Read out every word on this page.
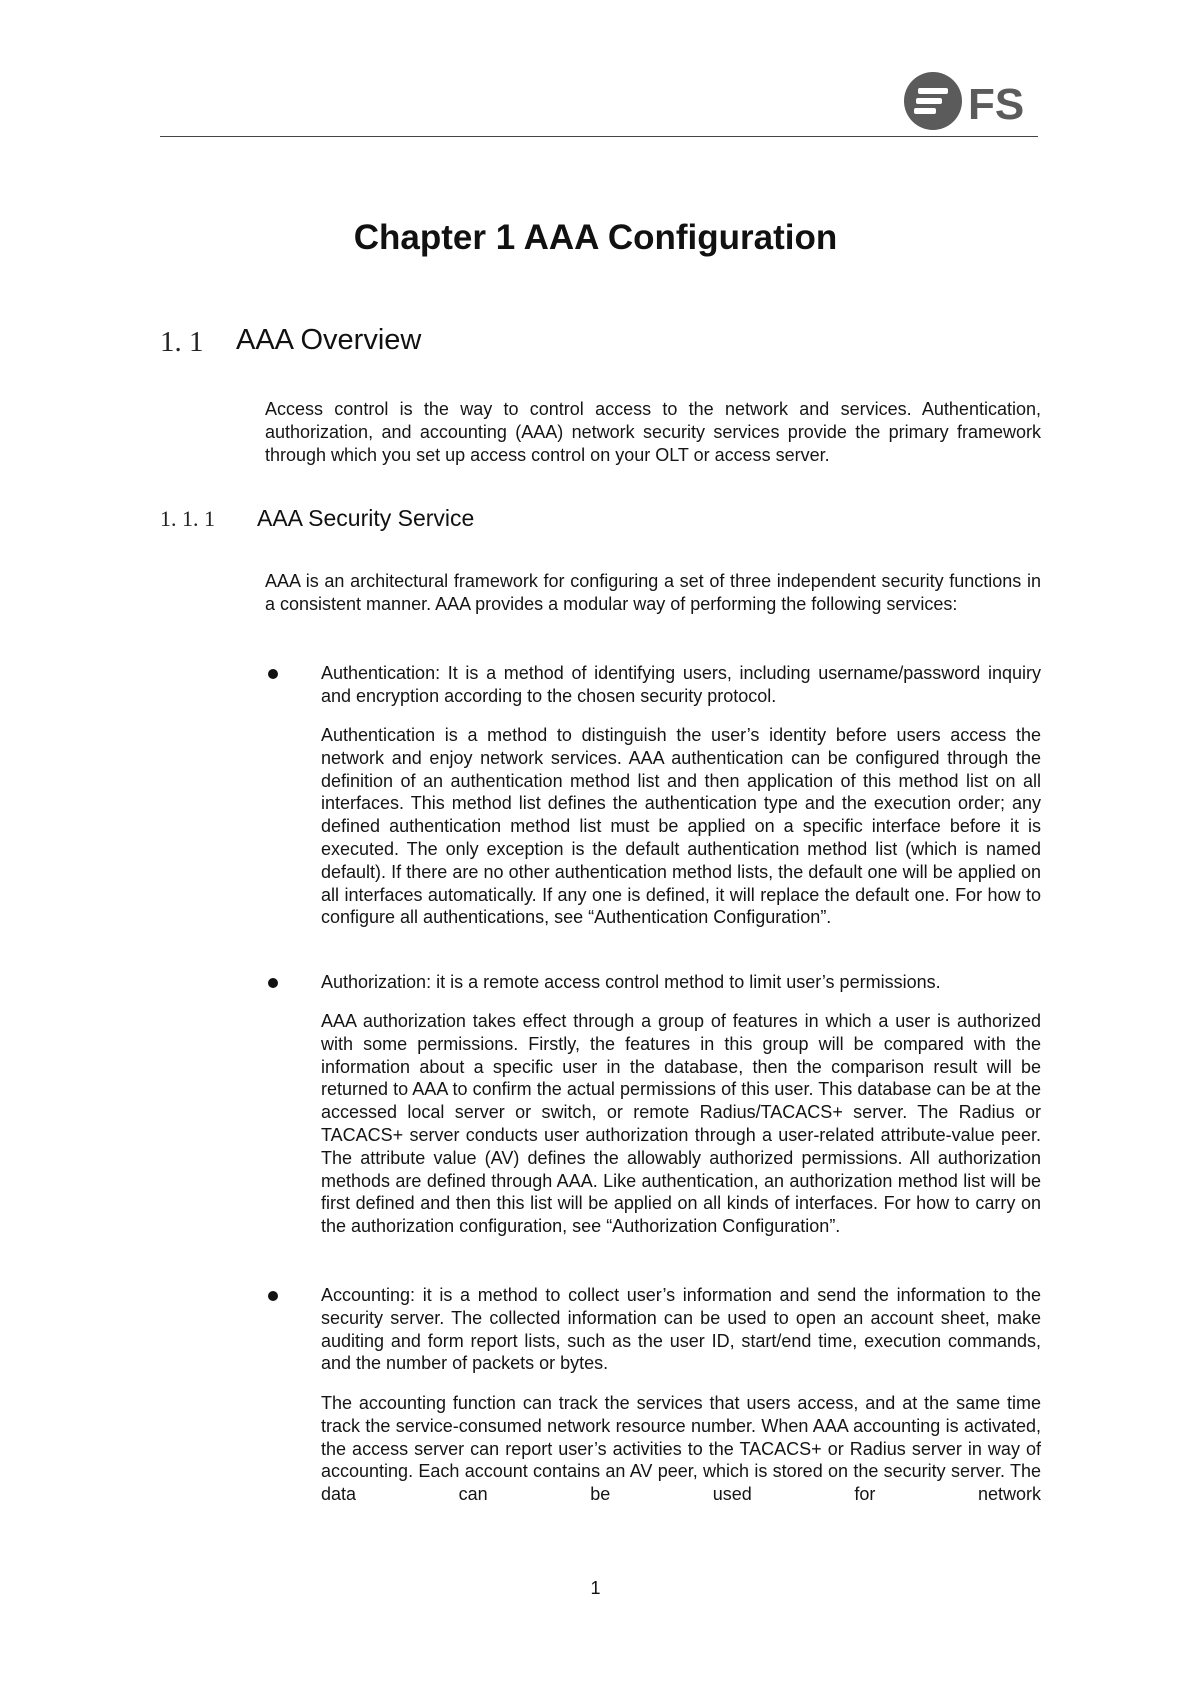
FS
Chapter 1 AAA Configuration
1. 1 AAA Overview

Access control is the way to control access to the network and services. Authentication, authorization, and accounting (AAA) network security services provide the primary framework through which you set up access control on your OLT or access server.

1. 1. 1 AAA Security Service

AAA is an architectural framework for configuring a set of three independent security functions in a consistent manner. AAA provides a modular way of performing the following services:

Authentication: It is a method of identifying users, including username/password inquiry and encryption according to the chosen security protocol.

Authentication is a method to distinguish the user’s identity before users access the network and enjoy network services. AAA authentication can be configured through the definition of an authentication method list and then application of this method list on all interfaces. This method list defines the authentication type and the execution order; any defined authentication method list must be applied on a specific interface before it is executed. The only exception is the default authentication method list (which is named default). If there are no other authentication method lists, the default one will be applied on all interfaces automatically. If any one is defined, it will replace the default one. For how to configure all authentications, see “Authentication Configuration”.

Authorization: it is a remote access control method to limit user’s permissions.

AAA authorization takes effect through a group of features in which a user is authorized with some permissions. Firstly, the features in this group will be compared with the information about a specific user in the database, then the comparison result will be returned to AAA to confirm the actual permissions of this user. This database can be at the accessed local server or switch, or remote Radius/TACACS+ server. The Radius or TACACS+ server conducts user authorization through a user-related attribute-value peer. The attribute value (AV) defines the allowably authorized permissions. All authorization methods are defined through AAA. Like authentication, an authorization method list will be first defined and then this list will be applied on all kinds of interfaces. For how to carry on the authorization configuration, see “Authorization Configuration”.

Accounting: it is a method to collect user’s information and send the information to the security server. The collected information can be used to open an account sheet, make auditing and form report lists, such as the user ID, start/end time, execution commands, and the number of packets or bytes.

The accounting function can track the services that users access, and at the same time track the service-consumed network resource number. When AAA accounting is activated, the access server can report user’s activities to the TACACS+ or Radius server in way of accounting. Each account contains an AV peer, which is stored on the security server. The data can be used for network

1
